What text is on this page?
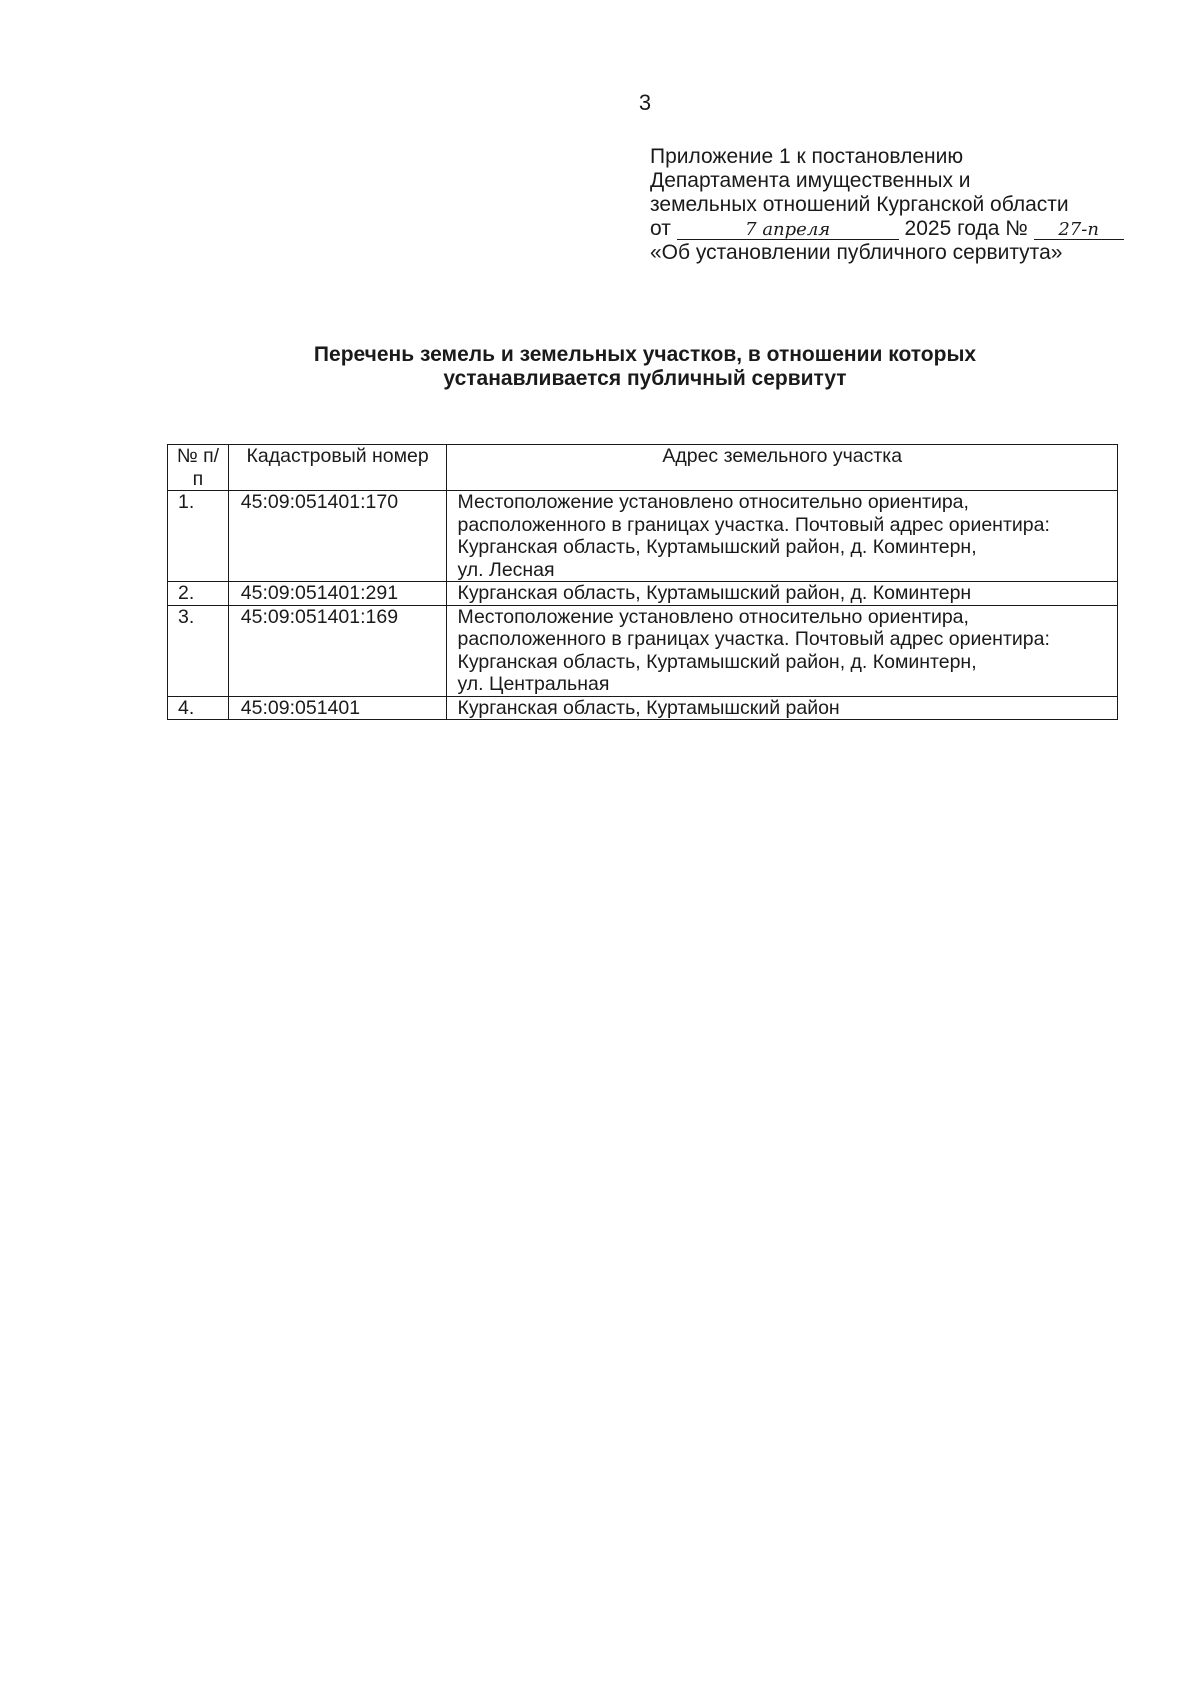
3
Приложение 1 к постановлению
Департамента имущественных и
земельных отношений Курганской области
от	7 апреля	2025 года № 27-п
«Об установлении публичного сервитута»
Перечень земель и земельных участков, в отношении которых
устанавливается публичный сервитут
№ п/п	Кадастровый номер	Адрес земельного участка
1.	45:09:051401:170	Местоположение установлено относительно ориентира,
расположенного в границах участка. Почтовый адрес ориентира:
Курганская область, Куртамышский район, д. Коминтерн,
ул. Лесная

2.	45:09:051401:291	Курганская область, Куртамышский район, д. Коминтерн

3.	45:09:051401:169	Местоположение установлено относительно ориентира,
расположенного в границах участка. Почтовый адрес ориентира:
Курганская область, Куртамышский район, д. Коминтерн,
ул. Центральная

4.	45:09:051401	Курганская область, Куртамышский район
